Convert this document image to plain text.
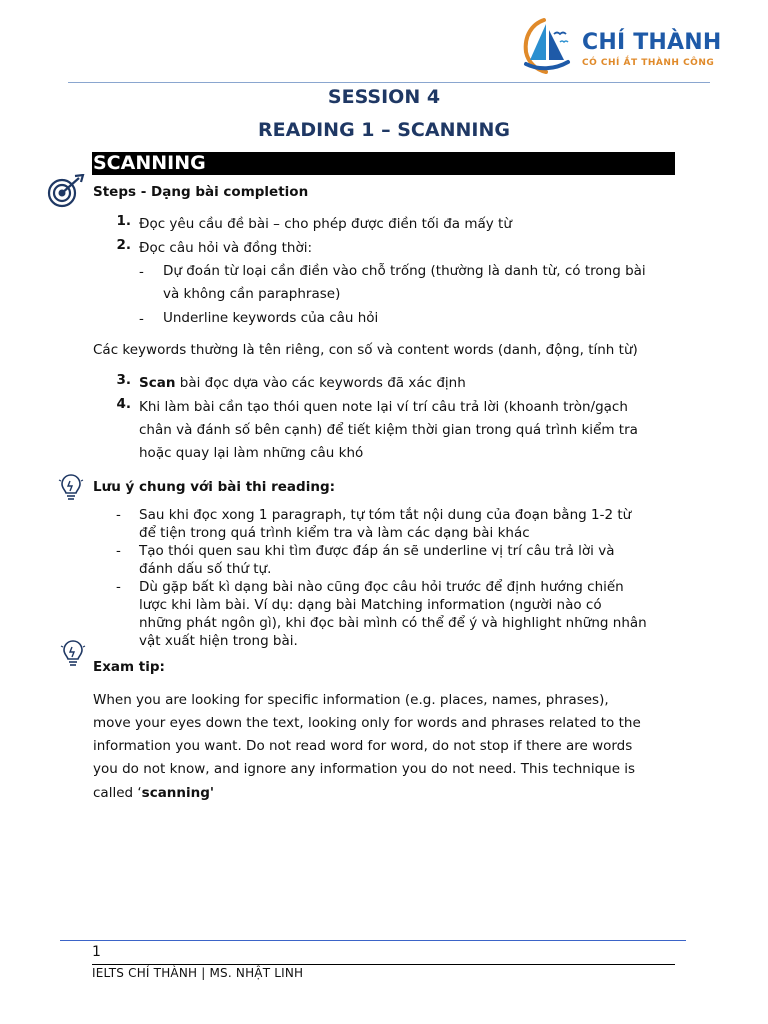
CHÍ THÀNH
CÓ CHÍ ẮT THÀNH CÔNG
SESSION 4
READING 1 – SCANNING
SCANNING
Steps - Dạng bài completion
1. Đọc yêu cầu đề bài – cho phép được điền tối đa mấy từ
2. Đọc câu hỏi và đồng thời:
- Dự đoán từ loại cần điền vào chỗ trống (thường là danh từ, có trong bài
và không cần paraphrase)
- Underline keywords của câu hỏi
Các keywords thường là tên riêng, con số và content words (danh, động, tính từ)
3. Scan bài đọc dựa vào các keywords đã xác định
4. Khi làm bài cần tạo thói quen note lại ví trí câu trả lời (khoanh tròn/gạch
chân và đánh số bên cạnh) để tiết kiệm thời gian trong quá trình kiểm tra
hoặc quay lại làm những câu khó
Lưu ý chung với bài thi reading:
- Sau khi đọc xong 1 paragraph, tự tóm tắt nội dung của đoạn bằng 1-2 từ
để tiện trong quá trình kiểm tra và làm các dạng bài khác
- Tạo thói quen sau khi tìm được đáp án sẽ underline vị trí câu trả lời và
đánh dấu số thứ tự.
- Dù gặp bất kì dạng bài nào cũng đọc câu hỏi trước để định hướng chiến
lược khi làm bài. Ví dụ: dạng bài Matching information (người nào có
những phát ngôn gì), khi đọc bài mình có thể để ý và highlight những nhân
vật xuất hiện trong bài.
Exam tip:
When you are looking for specific information (e.g. places, names, phrases),
move your eyes down the text, looking only for words and phrases related to the
information you want. Do not read word for word, do not stop if there are words
you do not know, and ignore any information you do not need. This technique is
called ‘scanning'
1
IELTS CHÍ THÀNH | MS. NHẬT LINH
